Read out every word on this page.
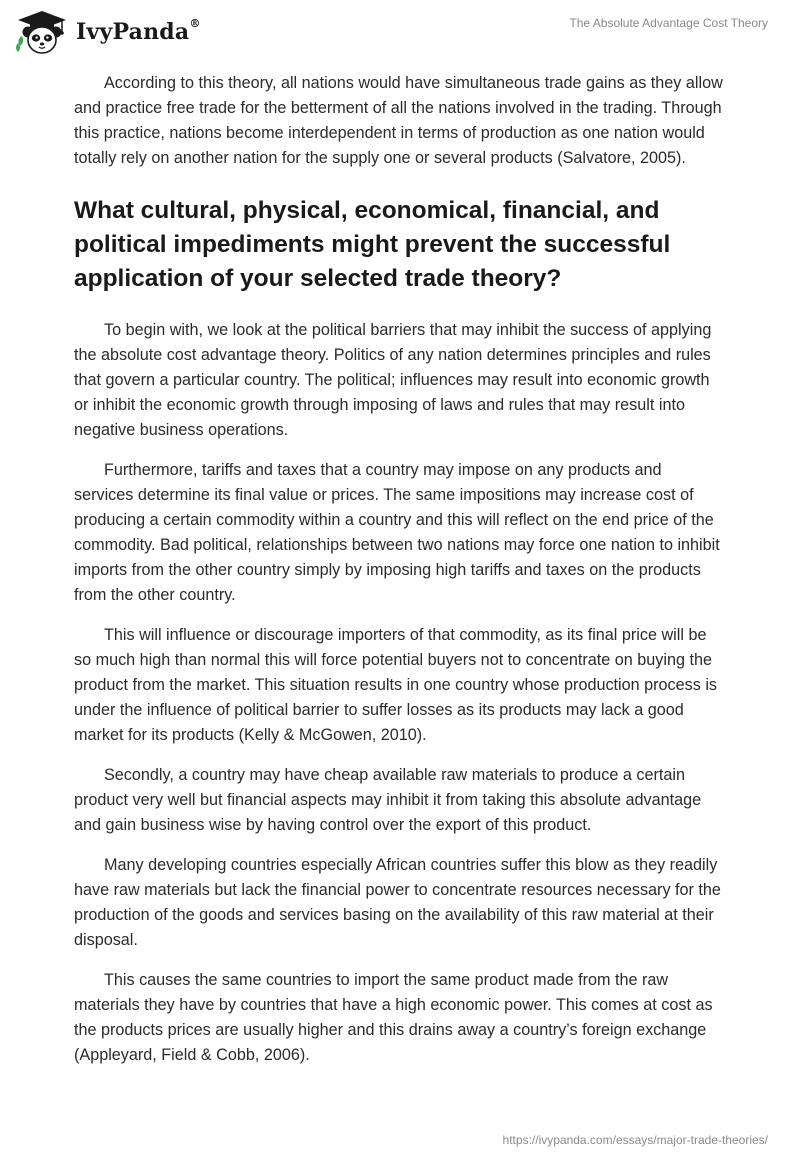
IvyPanda®	The Absolute Advantage Cost Theory

According to this theory, all nations would have simultaneous trade gains as they allow and practice free trade for the betterment of all the nations involved in the trading. Through this practice, nations become interdependent in terms of production as one nation would totally rely on another nation for the supply one or several products (Salvatore, 2005).

What cultural, physical, economical, financial, and political impediments might prevent the successful application of your selected trade theory?

To begin with, we look at the political barriers that may inhibit the success of applying the absolute cost advantage theory. Politics of any nation determines principles and rules that govern a particular country. The political; influences may result into economic growth or inhibit the economic growth through imposing of laws and rules that may result into negative business operations.

Furthermore, tariffs and taxes that a country may impose on any products and services determine its final value or prices. The same impositions may increase cost of producing a certain commodity within a country and this will reflect on the end price of the commodity. Bad political, relationships between two nations may force one nation to inhibit imports from the other country simply by imposing high tariffs and taxes on the products from the other country.

This will influence or discourage importers of that commodity, as its final price will be so much high than normal this will force potential buyers not to concentrate on buying the product from the market. This situation results in one country whose production process is under the influence of political barrier to suffer losses as its products may lack a good market for its products (Kelly & McGowen, 2010).

Secondly, a country may have cheap available raw materials to produce a certain product very well but financial aspects may inhibit it from taking this absolute advantage and gain business wise by having control over the export of this product.

Many developing countries especially African countries suffer this blow as they readily have raw materials but lack the financial power to concentrate resources necessary for the production of the goods and services basing on the availability of this raw material at their disposal.

This causes the same countries to import the same product made from the raw materials they have by countries that have a high economic power. This comes at cost as the products prices are usually higher and this drains away a country’s foreign exchange (Appleyard, Field & Cobb, 2006).

https://ivypanda.com/essays/major-trade-theories/
